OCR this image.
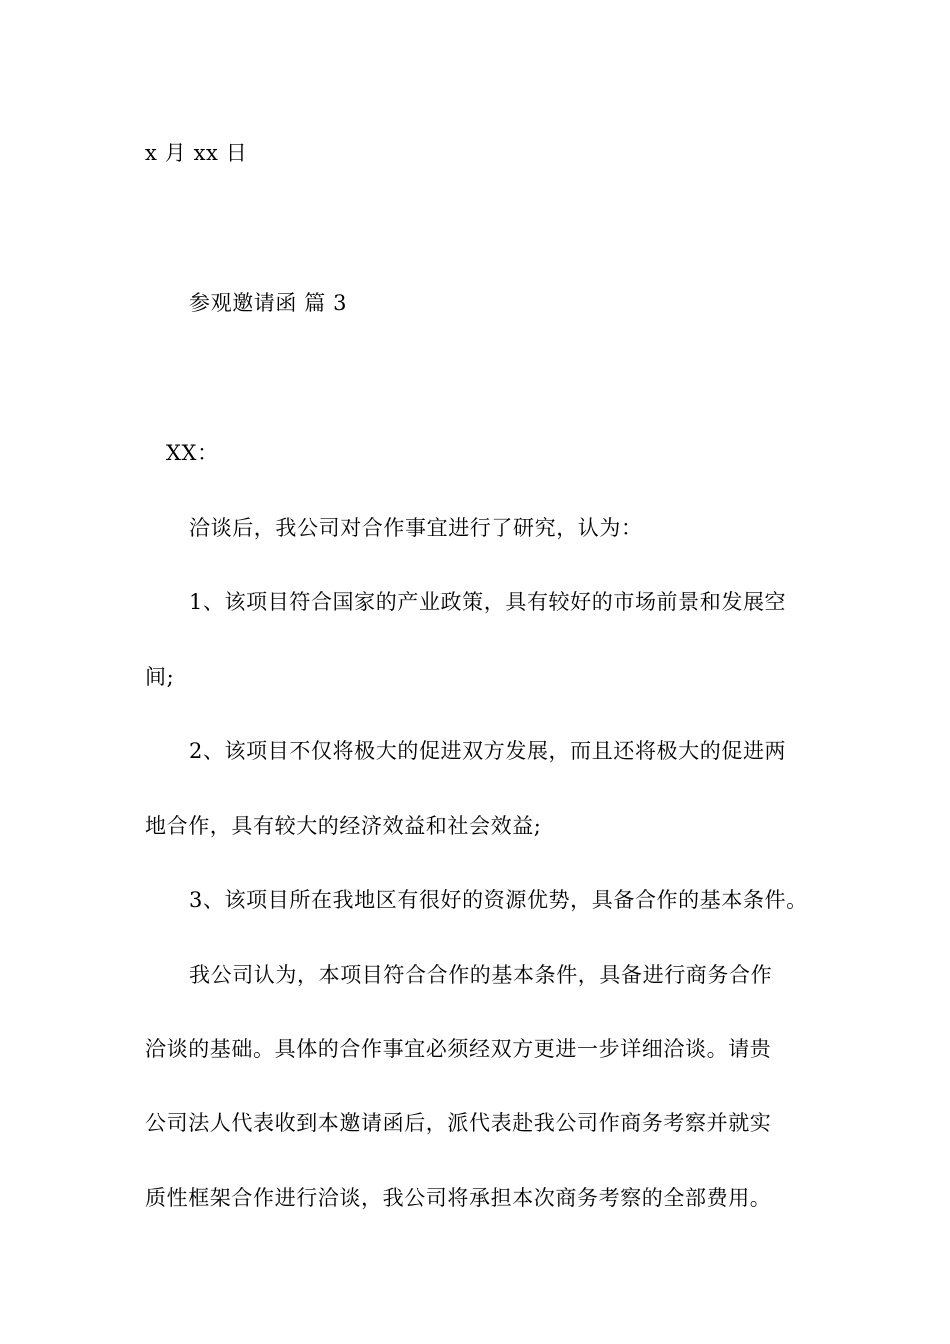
x 月 xx 日
参观邀请函 篇 3
XX：
洽谈后，我公司对合作事宜进行了研究，认为：
1、该项目符合国家的产业政策，具有较好的市场前景和发展空
间;
2、该项目不仅将极大的促进双方发展，而且还将极大的促进两
地合作，具有较大的经济效益和社会效益;
3、该项目所在我地区有很好的资源优势，具备合作的基本条件。
我公司认为，本项目符合合作的基本条件，具备进行商务合作
洽谈的基础。具体的合作事宜必须经双方更进一步详细洽谈。请贵
公司法人代表收到本邀请函后，派代表赴我公司作商务考察并就实
质性框架合作进行洽谈，我公司将承担本次商务考察的全部费用。
